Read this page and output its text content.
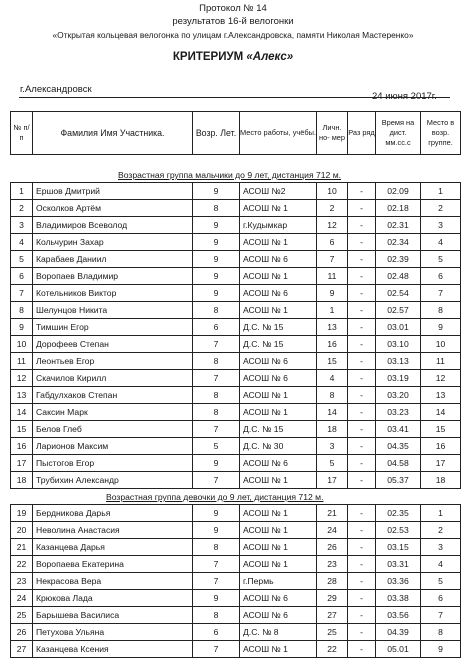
Протокол № 14
результатов 16-й велогонки
«Открытая кольцевая велогонка по улицам г.Александровска, памяти Николая Мастеренко»
КРИТЕРИУМ «Алекс»
г.Александровск
24 июня 2017г.
№ п/ п	Фамилия Имя Участника.	Возр. Лет.	Место работы, учёбы.	Личн. но- мер	Раз ряд	Время на дист. мм.сс.с	Место в возр. группе.
Возрастная группа мальчики до 9 лет, дистанция 712 м.
1	Ершов Дмитрий	9	АСОШ №2	10	-	02.09	1
2	Осколков Артём	8	АСОШ № 1	2	-	02.18	2
3	Владимиров Всеволод	9	г.Кудымкар	12	-	02.31	3
4	Кольчурин Захар	9	АСОШ № 1	6	-	02.34	4
5	Карабаев Даниил	9	АСОШ № 6	7	-	02.39	5
6	Воропаев Владимир	9	АСОШ № 1	11	-	02.48	6
7	Котельников Виктор	9	АСОШ № 6	9	-	02.54	7
8	Шелунцов Никита	8	АСОШ № 1	1	-	02.57	8
9	Тимшин Егор	6	Д.С. № 15	13	-	03.01	9
10	Дорофеев Степан	7	Д.С. № 15	16	-	03.10	10
11	Леонтьев Егор	8	АСОШ № 6	15	-	03.13	11
12	Скачилов Кирилл	7	АСОШ № 6	4	-	03.19	12
13	Габдулхаков Степан	8	АСОШ № 1	8	-	03.20	13
14	Саксин Марк	8	АСОШ № 1	14	-	03.23	14
15	Белов Глеб	7	Д.С. № 15	18	-	03.41	15
16	Ларионов Максим	5	Д.С. № 30	3	-	04.35	16
17	Пыстогов Егор	9	АСОШ № 6	5	-	04.58	17
18	Трубихин Александр	7	АСОШ № 1	17	-	05.37	18
Возрастная группа девочки до 9 лет, дистанция 712 м.
19	Бердникова Дарья	9	АСОШ № 1	21	-	02.35	1
20	Неволина Анастасия	9	АСОШ № 1	24	-	02.53	2
21	Казанцева Дарья	8	АСОШ № 1	26	-	03.15	3
22	Воропаева Екатерина	7	АСОШ № 1	23	-	03.31	4
23	Некрасова Вера	7	г.Пермь	28	-	03.36	5
24	Крюкова Лада	9	АСОШ № 6	29	-	03.38	6
25	Барышева Василиса	8	АСОШ № 6	27	-	03.56	7
26	Петухова Ульяна	6	Д.С. № 8	25	-	04.39	8
27	Казанцева Ксения	7	АСОШ № 1	22	-	05.01	9
